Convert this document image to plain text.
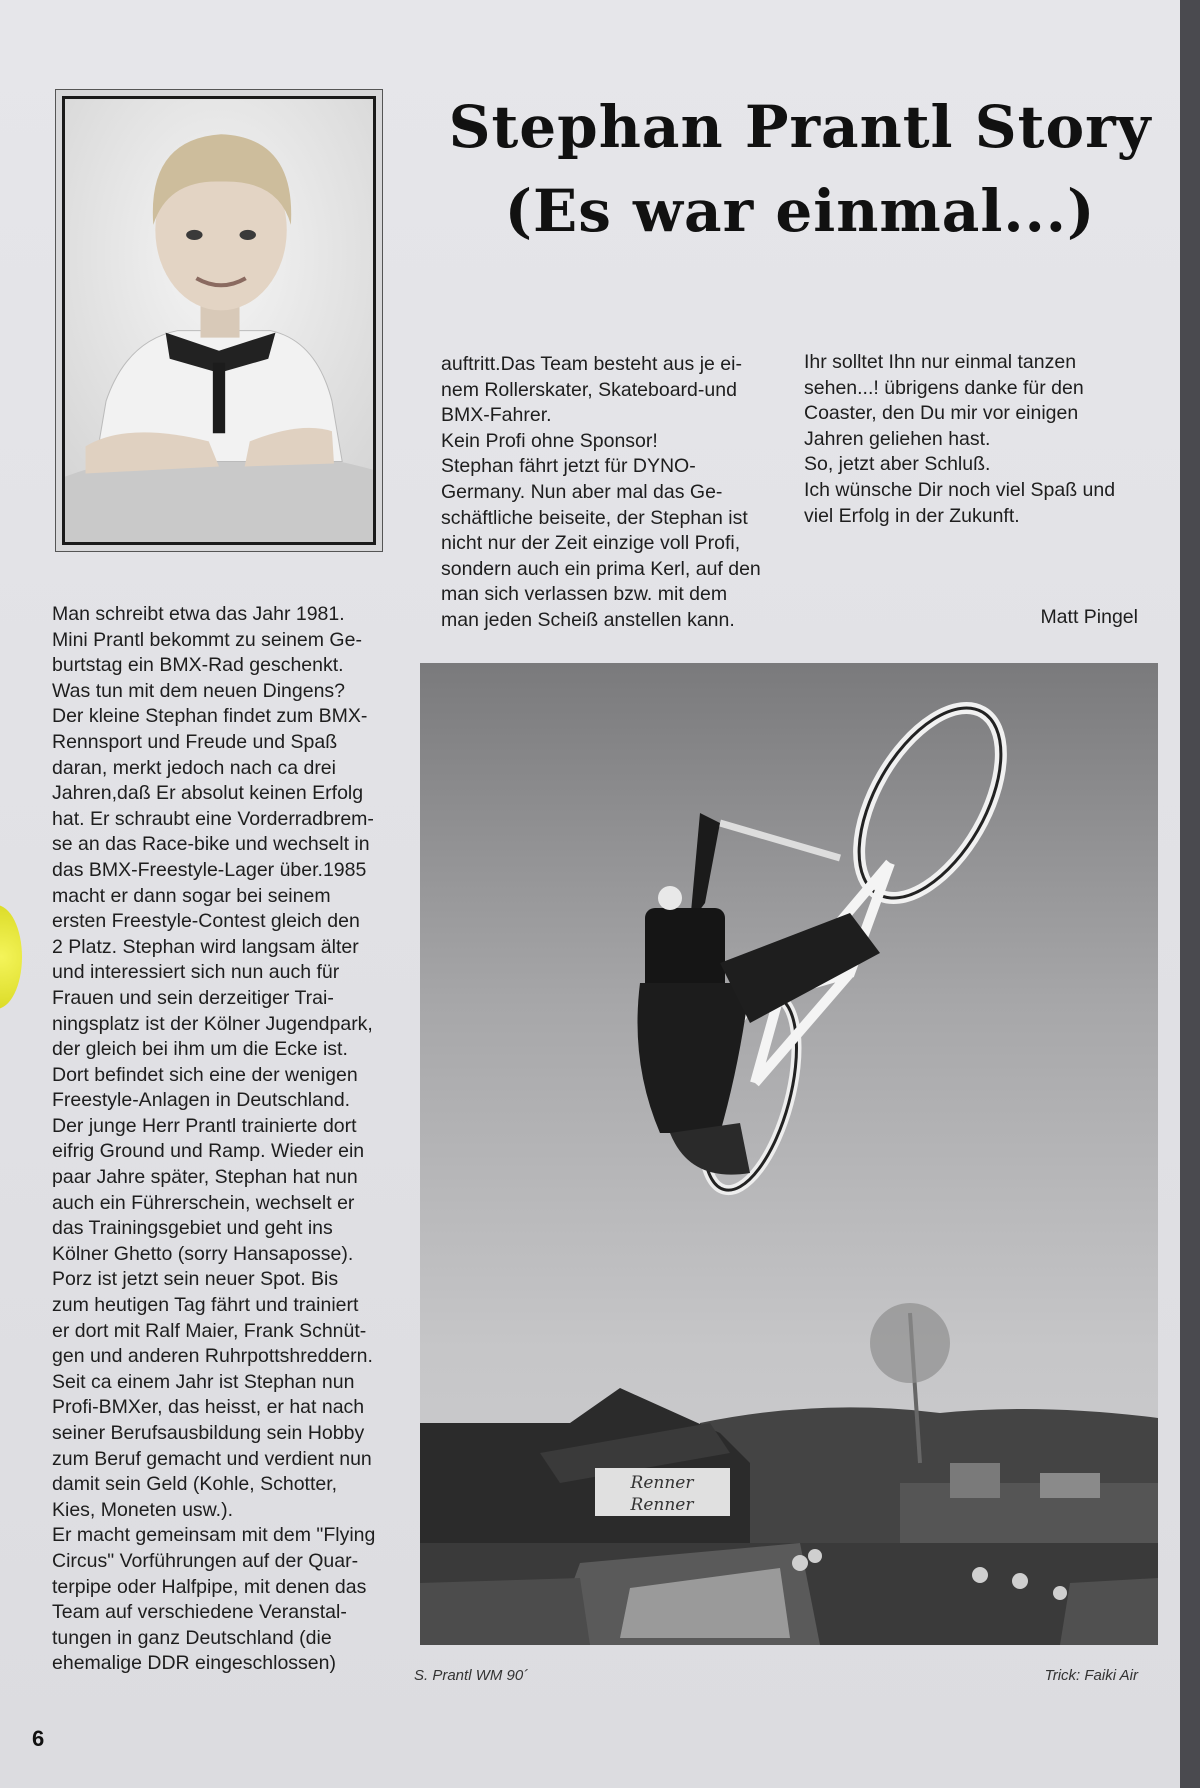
Stephan Prantl Story
(Es war einmal...)

Man schreibt etwa das Jahr 1981.
Mini Prantl bekommt zu seinem Ge-
burtstag ein BMX-Rad geschenkt.
Was tun mit dem neuen Dingens?
Der kleine Stephan findet zum BMX-
Rennsport und Freude und Spaß
daran, merkt jedoch nach ca drei
Jahren,daß Er absolut keinen Erfolg
hat. Er schraubt eine Vorderradbrem-
se an das Race-bike und wechselt in
das BMX-Freestyle-Lager über.1985
macht er dann sogar bei seinem
ersten Freestyle-Contest gleich den
2 Platz. Stephan wird langsam älter
und interessiert sich nun auch für
Frauen und sein derzeitiger Trai-
ningsplatz ist der Kölner Jugendpark,
der gleich bei ihm um die Ecke ist.
Dort befindet sich eine der wenigen
Freestyle-Anlagen in Deutschland.
Der junge Herr Prantl trainierte dort
eifrig Ground und Ramp. Wieder ein
paar Jahre später, Stephan hat nun
auch ein Führerschein, wechselt er
das Trainingsgebiet und geht ins
Kölner Ghetto (sorry Hansaposse).
Porz ist jetzt sein neuer Spot. Bis
zum heutigen Tag fährt und trainiert
er dort mit Ralf Maier, Frank Schnüt-
gen und anderen Ruhrpottshreddern.
Seit ca einem Jahr ist Stephan nun
Profi-BMXer, das heisst, er hat nach
seiner Berufsausbildung sein Hobby
zum Beruf gemacht und verdient nun
damit sein Geld (Kohle, Schotter,
Kies, Moneten usw.).
Er macht gemeinsam mit dem "Flying
Circus" Vorführungen auf der Quar-
terpipe oder Halfpipe, mit denen das
Team auf verschiedene Veranstal-
tungen in ganz Deutschland (die
ehemalige DDR eingeschlossen)

auftritt.Das Team besteht aus je ei-
nem Rollerskater, Skateboard-und
BMX-Fahrer.
Kein Profi ohne Sponsor!
Stephan fährt jetzt für DYNO-
Germany. Nun aber mal das Ge-
schäftliche beiseite, der Stephan ist
nicht nur der Zeit einzige voll Profi,
sondern auch ein prima Kerl, auf den
man sich verlassen bzw. mit dem
man jeden Scheiß anstellen kann.

Ihr solltet Ihn nur einmal tanzen
sehen...! übrigens danke für den
Coaster, den Du mir vor einigen
Jahren geliehen hast.
So, jetzt aber Schluß.
Ich wünsche Dir noch viel Spaß und
viel Erfolg in der Zukunft.

Matt Pingel

Renner
Renner

S. Prantl WM 90´	Trick: Faiki Air

6
